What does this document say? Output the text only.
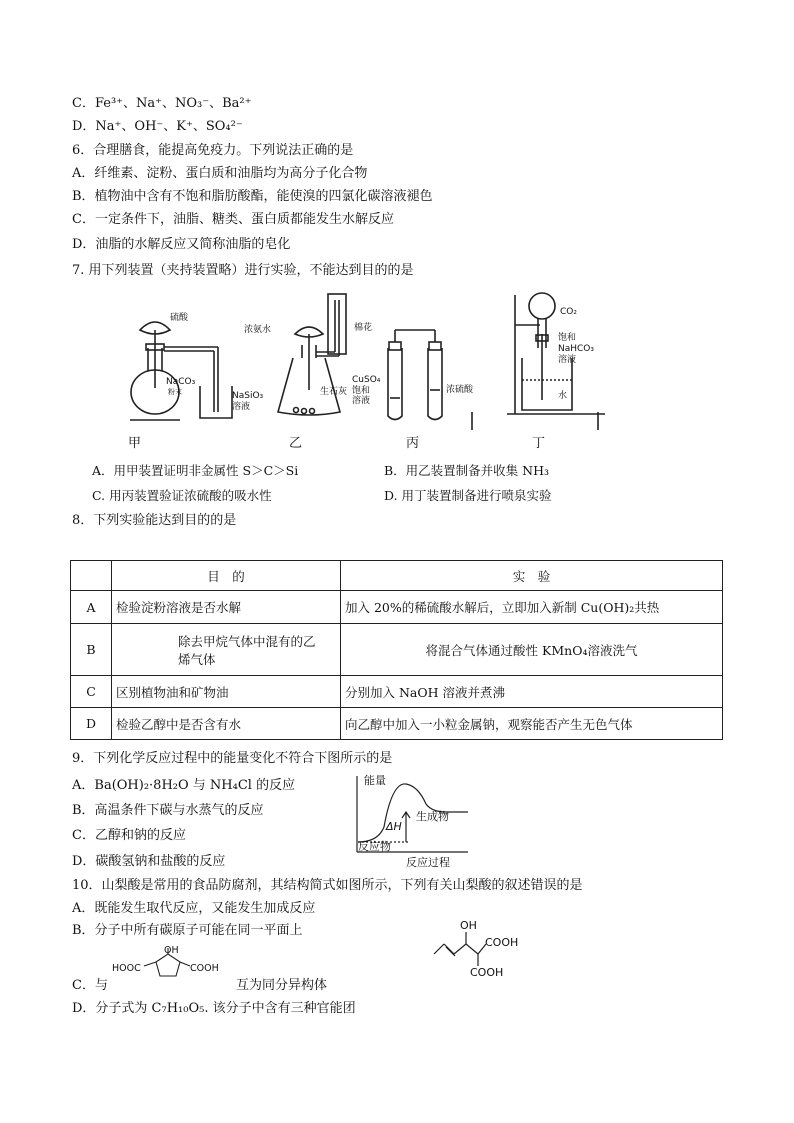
C．Fe³⁺、Na⁺、NO₃⁻、Ba²⁺
D．Na⁺、OH⁻、K⁺、SO₄²⁻
6．合理膳食，能提高免疫力。下列说法正确的是
A．纤维素、淀粉、蛋白质和油脂均为高分子化合物
B．植物油中含有不饱和脂肪酸酯，能使溴的四氯化碳溶液褪色
C．一定条件下，油脂、糖类、蛋白质都能发生水解反应
D．油脂的水解反应又简称油脂的皂化
7. 用下列装置（夹持装置略）进行实验，不能达到目的的是
硫酸
NaCO₃
粉末	NaSiO₃
溶液
浓氨水	棉花
生石灰
CuSO₄
饱和
溶液
浓硫酸
CO₂
饱和
NaHCO₃
溶液
水
甲	乙	丙	丁
A．用甲装置证明非金属性 S＞C＞Si	B．用乙装置制备并收集 NH₃
C. 用丙装置验证浓硫酸的吸水性	D. 用丁装置制备进行喷泉实验
8．下列实验能达到目的的是
	目　的	实　验
A	检验淀粉溶液是否水解	加入 20%的稀硫酸水解后，立即加入新制 Cu(OH)₂共热
B	除去甲烷气体中混有的乙
烯气体	将混合气体通过酸性 KMnO₄溶液洗气
C	区别植物油和矿物油	分别加入 NaOH 溶液并煮沸
D	检验乙醇中是否含有水	向乙醇中加入一小粒金属钠，观察能否产生无色气体
9．下列化学反应过程中的能量变化不符合下图所示的是
A．Ba(OH)₂·8H₂O 与 NH₄Cl 的反应
B．高温条件下碳与水蒸气的反应
C．乙醇和钠的反应
D．碳酸氢钠和盐酸的反应
能量
ΔH
生成物
反应物
反应过程
10．山梨酸是常用的食品防腐剂，其结构简式如图所示，下列有关山梨酸的叙述错误的是
A．既能发生取代反应，又能发生加成反应
B．分子中所有碳原子可能在同一平面上	OH
COOH
COOH
C．与
OH
HOOC	COOH
互为同分异构体
D．分子式为 C₇H₁₀O₅. 该分子中含有三种官能团
